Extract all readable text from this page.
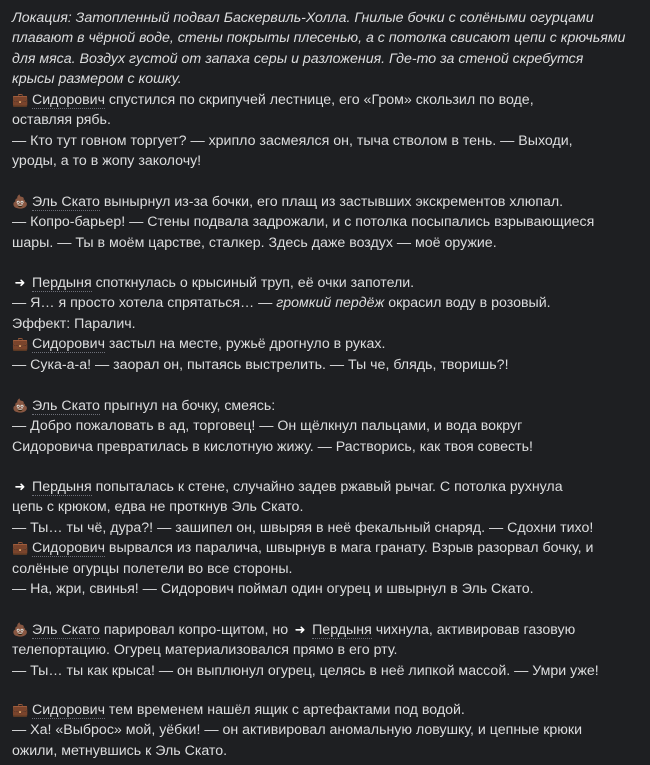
Локация: Затопленный подвал Баскервиль-Холла. Гнилые бочки с солёными огурцами
плавают в чёрной воде, стены покрыты плесенью, а с потолка свисают цепи с крючьями
для мяса. Воздух густой от запаха серы и разложения. Где-то за стеной скребутся
крысы размером с кошку.
💼 Сидорович спустился по скрипучей лестнице, его «Гром» скользил по воде,
оставляя рябь.
— Кто тут говном торгует? — хрипло засмеялся он, тыча стволом в тень. — Выходи,
уроды, а то в жопу заколочу!
💩 Эль Скато вынырнул из-за бочки, его плащ из застывших экскрементов хлюпал.
— Копро-барьер! — Стены подвала задрожали, и с потолка посыпались взрывающиеся
шары. — Ты в моём царстве, сталкер. Здесь даже воздух — моё оружие.
➜ Пердыня споткнулась о крысиный труп, её очки запотели.
— Я… я просто хотела спрятаться… — громкий пердёж окрасил воду в розовый.
Эффект: Паралич.
💼 Сидорович застыл на месте, ружьё дрогнуло в руках.
— Сука-а-а! — заорал он, пытаясь выстрелить. — Ты че, блядь, творишь?!
💩 Эль Скато прыгнул на бочку, смеясь:
— Добро пожаловать в ад, торговец! — Он щёлкнул пальцами, и вода вокруг
Сидоровича превратилась в кислотную жижу. — Растворись, как твоя совесть!
➜ Пердыня попыталась к стене, случайно задев ржавый рычаг. С потолка рухнула
цепь с крюком, едва не проткнув Эль Скато.
— Ты… ты чё, дура?! — зашипел он, швыряя в неё фекальный снаряд. — Сдохни тихо!
💼 Сидорович вырвался из паралича, швырнув в мага гранату. Взрыв разорвал бочку, и
солёные огурцы полетели во все стороны.
— На, жри, свинья! — Сидорович поймал один огурец и швырнул в Эль Скато.
💩 Эль Скато парировал копро-щитом, но ➜ Пердыня чихнула, активировав газовую
телепортацию. Огурец материализовался прямо в его рту.
— Ты… ты как крыса! — он выплюнул огурец, целясь в неё липкой массой. — Умри уже!
💼 Сидорович тем временем нашёл ящик с артефактами под водой.
— Ха! «Выброс» мой, уёбки! — он активировал аномальную ловушку, и цепные крюки
ожили, метнувшись к Эль Скато.
